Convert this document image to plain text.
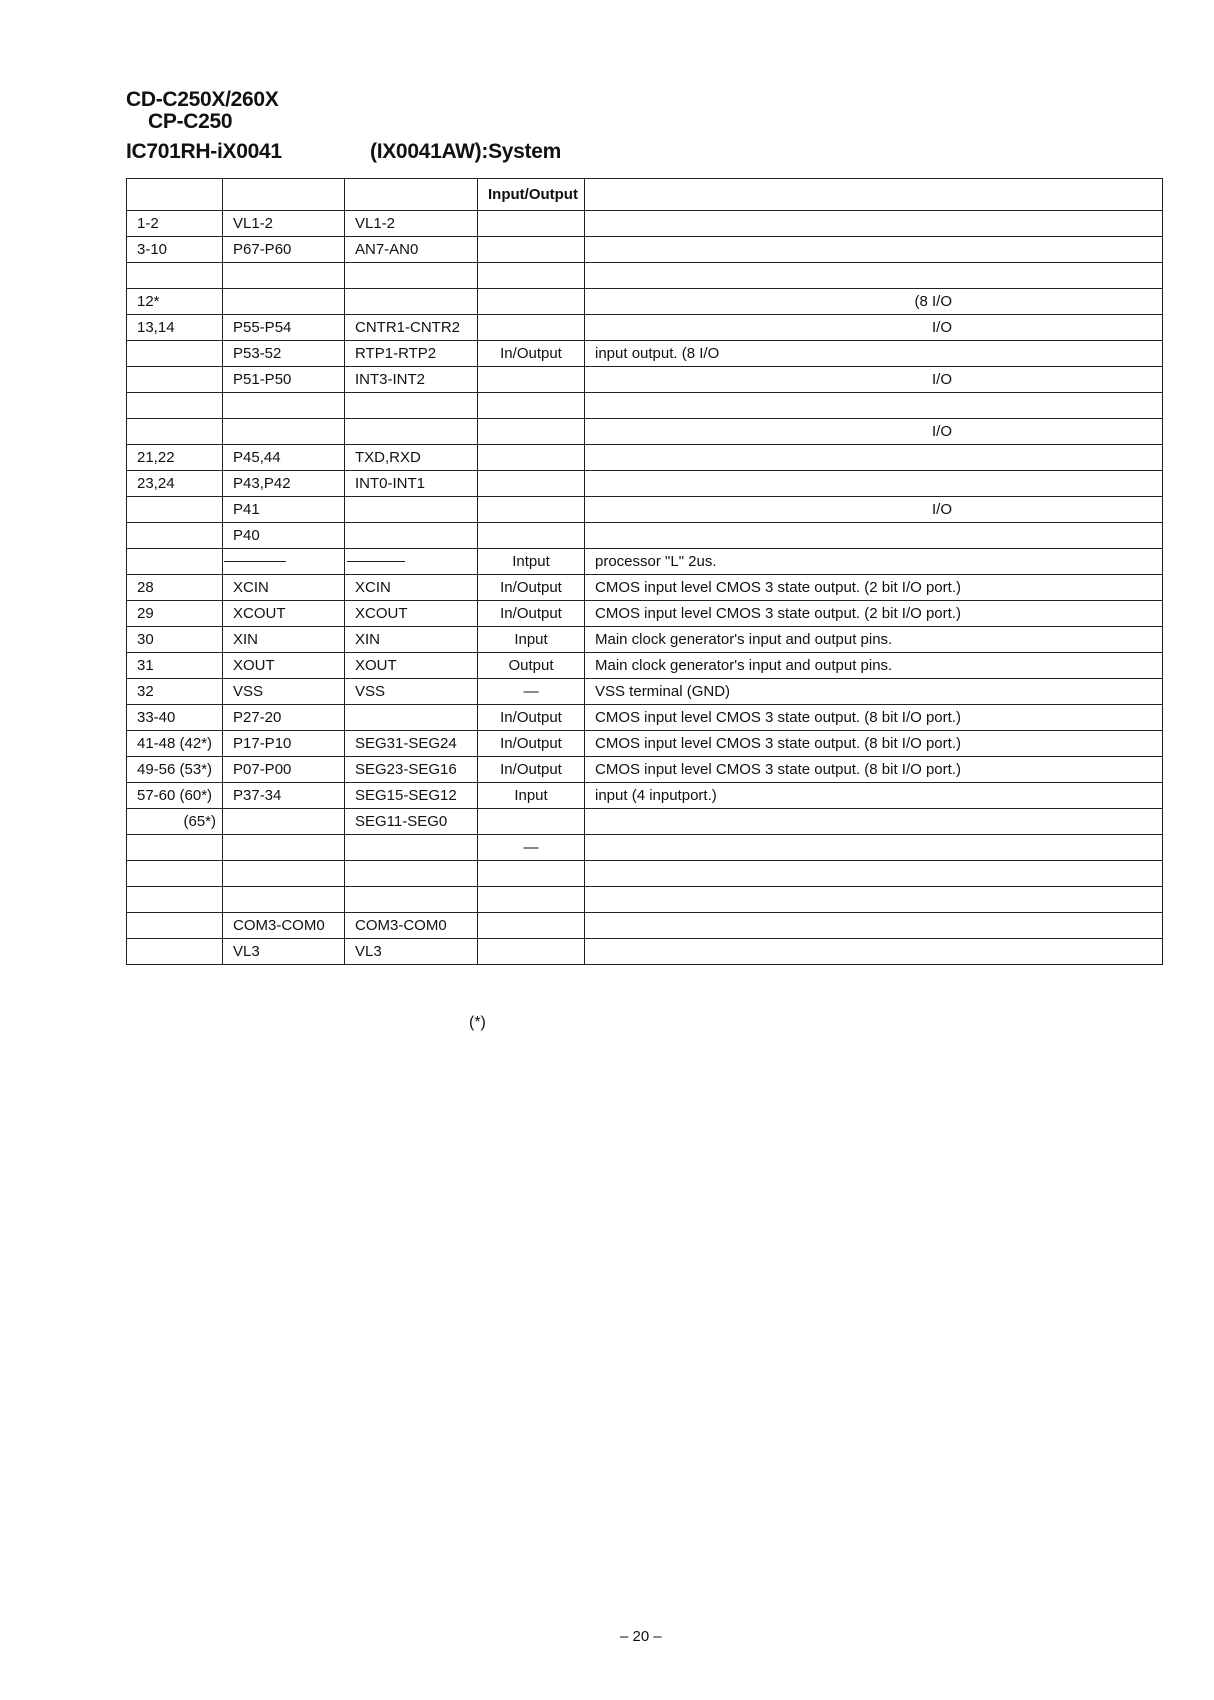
CD-C250X/260X
CP-C250
IC701RH-iX0041	(IX0041AW):System
			Input/Output	
1-2	VL1-2	VL1-2		
3-10	P67-P60	AN7-AN0		

12*				(8 I/O
13,14	P55-P54	CNTR1-CNTR2		I/O
	P53-52	RTP1-RTP2	In/Output	input output. (8 I/O
	P51-P50	INT3-INT2		I/O

				I/O
21,22	P45,44	TXD,RXD		
23,24	P43,P42	INT0-INT1		
	P41			I/O
	P40			
			Intput	processor "L" 2us.
28	XCIN	XCIN	In/Output	CMOS input level CMOS 3 state output. (2 bit I/O port.)
29	XCOUT	XCOUT	In/Output	CMOS input level CMOS 3 state output. (2 bit I/O port.)
30	XIN	XIN	Input	Main clock generator's input and output pins.
31	XOUT	XOUT	Output	Main clock generator's input and output pins.
32	VSS	VSS	—	VSS terminal (GND)
33-40	P27-20		In/Output	CMOS input level CMOS 3 state output. (8 bit I/O port.)
41-48 (42*)	P17-P10	SEG31-SEG24	In/Output	CMOS input level CMOS 3 state output. (8 bit I/O port.)
49-56 (53*)	P07-P00	SEG23-SEG16	In/Output	CMOS input level CMOS 3 state output. (8 bit I/O port.)
57-60 (60*)	P37-34	SEG15-SEG12	Input	input (4 inputport.)
(65*)		SEG11-SEG0		
			—	

	COM3-COM0	COM3-COM0		
	VL3	VL3		
(*)
– 20 –
